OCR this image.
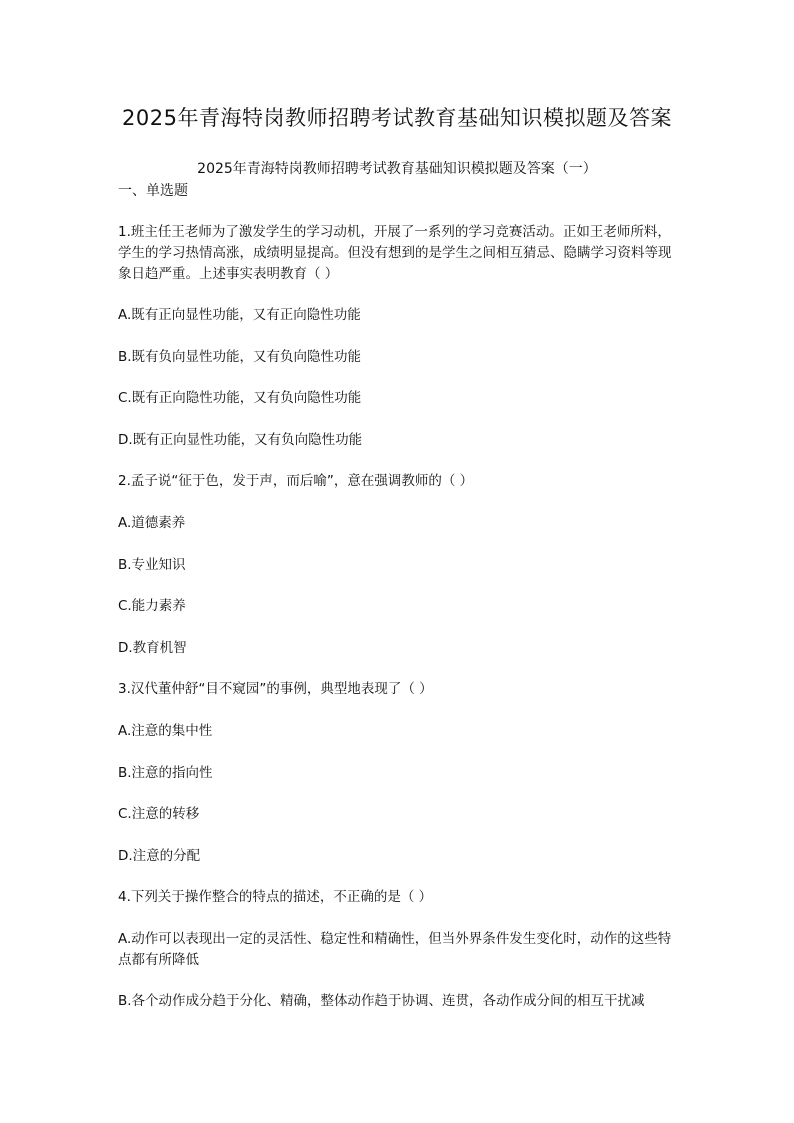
2025年青海特岗教师招聘考试教育基础知识模拟题及答案
2025年青海特岗教师招聘考试教育基础知识模拟题及答案（一）
一、单选题
1.班主任王老师为了激发学生的学习动机，开展了一系列的学习竞赛活动。正如王老师所料，学生的学习热情高涨，成绩明显提高。但没有想到的是学生之间相互猜忌、隐瞒学习资料等现象日趋严重。上述事实表明教育（ ）
A.既有正向显性功能，又有正向隐性功能
B.既有负向显性功能，又有负向隐性功能
C.既有正向隐性功能，又有负向隐性功能
D.既有正向显性功能，又有负向隐性功能
2.孟子说“征于色，发于声，而后喻”，意在强调教师的（ ）
A.道德素养
B.专业知识
C.能力素养
D.教育机智
3.汉代董仲舒“目不窥园”的事例，典型地表现了（ ）
A.注意的集中性
B.注意的指向性
C.注意的转移
D.注意的分配
4.下列关于操作整合的特点的描述，不正确的是（ ）
A.动作可以表现出一定的灵活性、稳定性和精确性，但当外界条件发生变化时，动作的这些特点都有所降低
B.各个动作成分趋于分化、精确，整体动作趋于协调、连贯，各动作成分间的相互干扰减
